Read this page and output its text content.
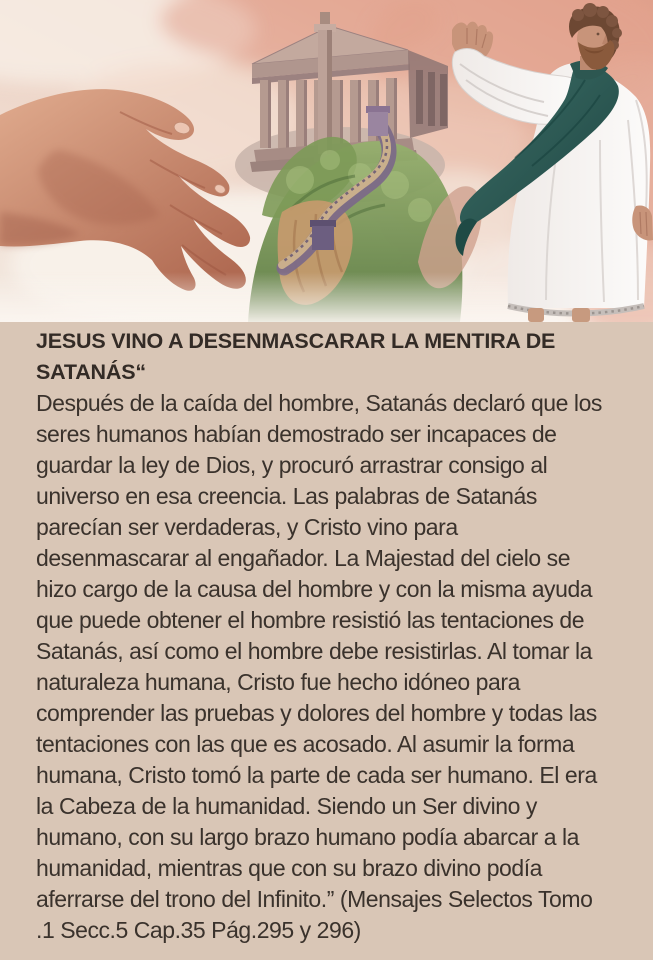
JESUS VINO A DESENMASCARAR LA MENTIRA DE
SATANÁS“
Después de la caída del hombre, Satanás declaró que los
seres humanos habían demostrado ser incapaces de
guardar la ley de Dios, y procuró arrastrar consigo al
universo en esa creencia. Las palabras de Satanás
parecían ser verdaderas, y Cristo vino para
desenmascarar al engañador. La Majestad del cielo se
hizo cargo de la causa del hombre y con la misma ayuda
que puede obtener el hombre resistió las tentaciones de
Satanás, así como el hombre debe resistirlas. Al tomar la
naturaleza humana, Cristo fue hecho idóneo para
comprender las pruebas y dolores del hombre y todas las
tentaciones con las que es acosado. Al asumir la forma
humana, Cristo tomó la parte de cada ser humano. El era
la Cabeza de la humanidad. Siendo un Ser divino y
humano, con su largo brazo humano podía abarcar a la
humanidad, mientras que con su brazo divino podía
aferrarse del trono del Infinito.” (Mensajes Selectos Tomo
.1 Secc.5 Cap.35 Pág.295 y 296)
